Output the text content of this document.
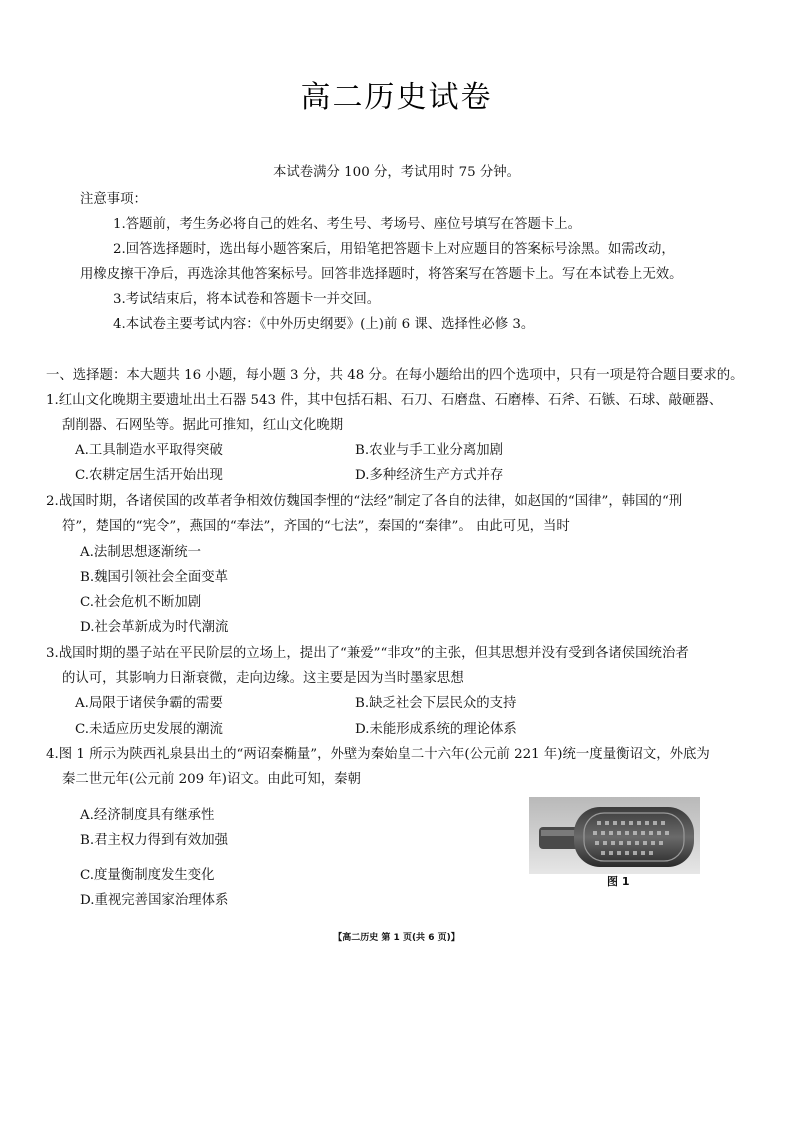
高二历史试卷
本试卷满分 100 分，考试用时 75 分钟。
注意事项：
1.答题前，考生务必将自己的姓名、考生号、考场号、座位号填写在答题卡上。
2.回答选择题时，选出每小题答案后，用铅笔把答题卡上对应题目的答案标号涂黑。如需改动，
用橡皮擦干净后，再选涂其他答案标号。回答非选择题时，将答案写在答题卡上。写在本试卷上无效。
3.考试结束后，将本试卷和答题卡一并交回。
4.本试卷主要考试内容：《中外历史纲要》(上)前 6 课、选择性必修 3。
一、选择题：本大题共 16 小题，每小题 3 分，共 48 分。在每小题给出的四个选项中，只有一项是符合题目要求的。
1.红山文化晚期主要遗址出土石器 543 件，其中包括石耜、石刀、石磨盘、石磨棒、石斧、石镞、石球、敲砸器、
刮削器、石网坠等。据此可推知，红山文化晚期
A.工具制造水平取得突破	B.农业与手工业分离加剧
C.农耕定居生活开始出现	D.多种经济生产方式并存
2.战国时期，各诸侯国的改革者争相效仿魏国李悝的“法经”制定了各自的法律，如赵国的“国律”，韩国的“刑
符”，楚国的“宪令”，燕国的“奉法”，齐国的“七法”，秦国的“秦律”。 由此可见，当时
A.法制思想逐渐统一
B.魏国引领社会全面变革
C.社会危机不断加剧
D.社会革新成为时代潮流
3.战国时期的墨子站在平民阶层的立场上，提出了“兼爱”“非攻”的主张，但其思想并没有受到各诸侯国统治者
的认可，其影响力日渐衰微，走向边缘。这主要是因为当时墨家思想
A.局限于诸侯争霸的需要	B.缺乏社会下层民众的支持
C.未适应历史发展的潮流	D.未能形成系统的理论体系
4.图 1 所示为陕西礼泉县出土的“两诏秦椭量”，外壁为秦始皇二十六年(公元前 221 年)统一度量衡诏文，外底为
秦二世元年(公元前 209 年)诏文。由此可知，秦朝
A.经济制度具有继承性
B.君主权力得到有效加强
C.度量衡制度发生变化
D.重视完善国家治理体系
图 1
【高二历史 第 1 页(共 6 页)】
